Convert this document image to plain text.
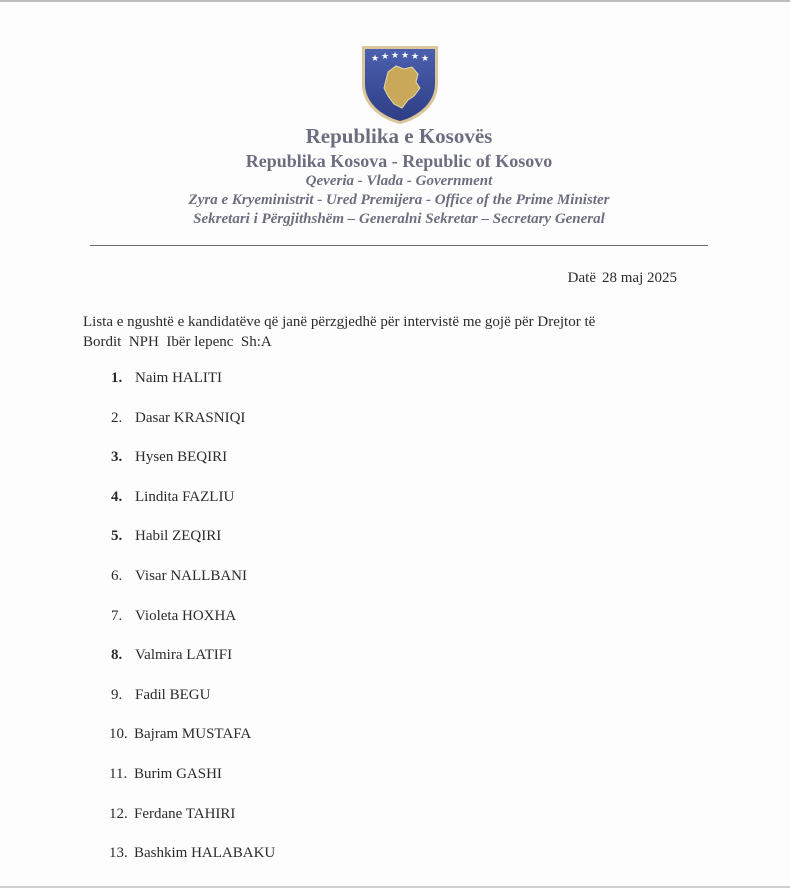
★ ★ ★ ★ ★ ★
Republika e Kosovës
Republika Kosova - Republic of Kosovo
Qeveria - Vlada - Government
Zyra e Kryeministrit - Ured Premijera - Office of the Prime Minister
Sekretari i Përgjithshëm – Generalni Sekretar – Secretary General
Datë 28 maj 2025
Lista e ngushtë e kandidatëve që janë përzgjedhë për intervistë me gojë për Drejtor të
Bordit  NPH  Ibër lepenc  Sh:A
1. Naim HALITI
2. Dasar KRASNIQI
3. Hysen BEQIRI
4. Lindita FAZLIU
5. Habil ZEQIRI
6. Visar NALLBANI
7. Violeta HOXHA
8. Valmira LATIFI
9. Fadil BEGU
10. Bajram MUSTAFA
11. Burim GASHI
12. Ferdane TAHIRI
13. Bashkim HALABAKU
